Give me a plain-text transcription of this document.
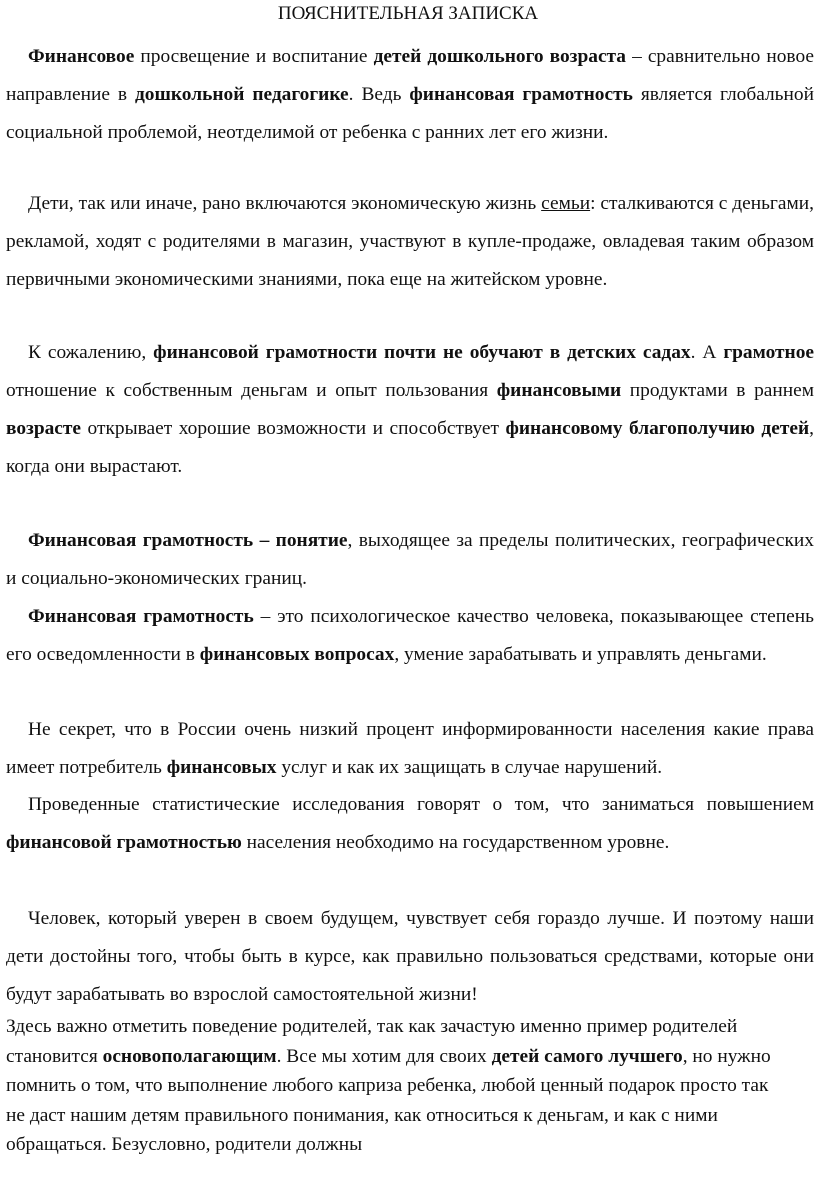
ПОЯСНИТЕЛЬНАЯ ЗАПИСКА

Финансовое просвещение и воспитание детей дошкольного возраста – сравнительно новое направление в дошкольной педагогике. Ведь финансовая грамотность является глобальной социальной проблемой, неотделимой от ребенка с ранних лет его жизни.

Дети, так или иначе, рано включаются экономическую жизнь семьи: сталкиваются с деньгами, рекламой, ходят с родителями в магазин, участвуют в купле-продаже, овладевая таким образом первичными экономическими знаниями, пока еще на житейском уровне.

К сожалению, финансовой грамотности почти не обучают в детских садах. А грамотное отношение к собственным деньгам и опыт пользования финансовыми продуктами в раннем возрасте открывает хорошие возможности и способствует финансовому благополучию детей, когда они вырастают.

Финансовая грамотность – понятие, выходящее за пределы политических, географических и социально-экономических границ.

Финансовая грамотность – это психологическое качество человека, показывающее степень его осведомленности в финансовых вопросах, умение зарабатывать и управлять деньгами.

Не секрет, что в России очень низкий процент информированности населения какие права имеет потребитель финансовых услуг и как их защищать в случае нарушений.

Проведенные статистические исследования говорят о том, что заниматься повышением финансовой грамотностью населения необходимо на государственном уровне.

Человек, который уверен в своем будущем, чувствует себя гораздо лучше. И поэтому наши дети достойны того, чтобы быть в курсе, как правильно пользоваться средствами, которые они будут зарабатывать во взрослой самостоятельной жизни!

Здесь важно отметить поведение родителей, так как зачастую именно пример родителей становится основополагающим. Все мы хотим для своих детей самого лучшего, но нужно помнить о том, что выполнение любого каприза ребенка, любой ценный подарок просто так не даст нашим детям правильного понимания, как относиться к деньгам, и как с ними обращаться. Безусловно, родители должны
